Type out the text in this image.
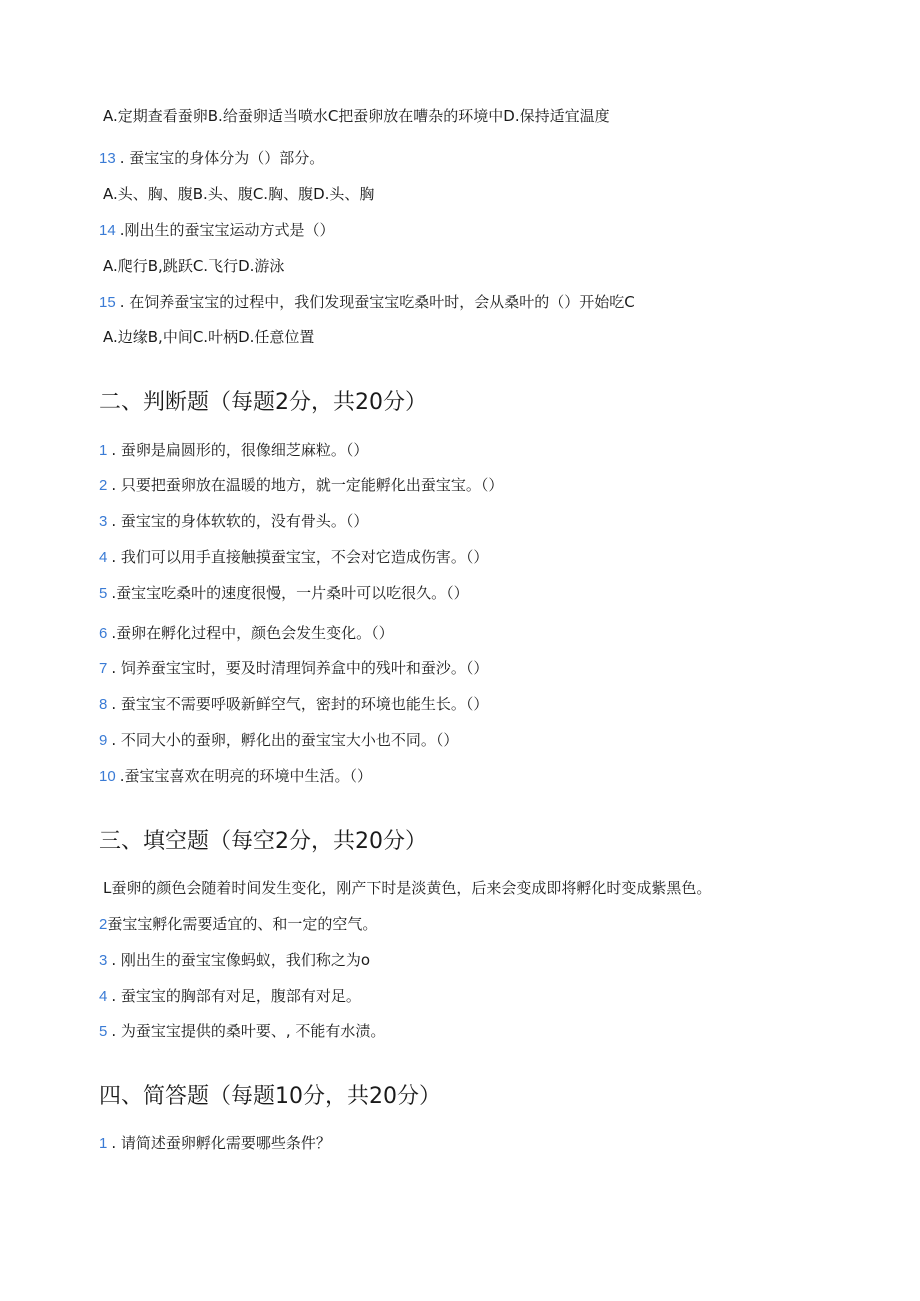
A.定期查看蚕卵B.给蚕卵适当喷水C把蚕卵放在嘈杂的环境中D.保持适宜温度
13 . 蚕宝宝的身体分为（）部分。
A.头、胸、腹B.头、腹C.胸、腹D.头、胸
14 .刚出生的蚕宝宝运动方式是（）
A.爬行B,跳跃C.飞行D.游泳
15 . 在饲养蚕宝宝的过程中，我们发现蚕宝宝吃桑叶时，会从桑叶的（）开始吃C
A.边缘B,中间C.叶柄D.任意位置
二、判断题（每题2分，共20分）
1 . 蚕卵是扁圆形的，很像细芝麻粒。（）
2 . 只要把蚕卵放在温暖的地方，就一定能孵化出蚕宝宝。（）
3 . 蚕宝宝的身体软软的，没有骨头。（）
4 . 我们可以用手直接触摸蚕宝宝，不会对它造成伤害。（）
5 .蚕宝宝吃桑叶的速度很慢，一片桑叶可以吃很久。（）
6 .蚕卵在孵化过程中，颜色会发生变化。（）
7 . 饲养蚕宝宝时，要及时清理饲养盒中的残叶和蚕沙。（）
8 . 蚕宝宝不需要呼吸新鲜空气，密封的环境也能生长。（）
9 . 不同大小的蚕卵，孵化出的蚕宝宝大小也不同。（）
10 .蚕宝宝喜欢在明亮的环境中生活。（）
三、填空题（每空2分，共20分）
L蚕卵的颜色会随着时间发生变化，刚产下时是淡黄色，后来会变成即将孵化时变成紫黑色。
2蚕宝宝孵化需要适宜的、和一定的空气。
3 . 刚出生的蚕宝宝像蚂蚁，我们称之为o
4 . 蚕宝宝的胸部有对足，腹部有对足。
5 . 为蚕宝宝提供的桑叶要、, 不能有水渍。
四、简答题（每题10分，共20分）
1 . 请简述蚕卵孵化需要哪些条件？
